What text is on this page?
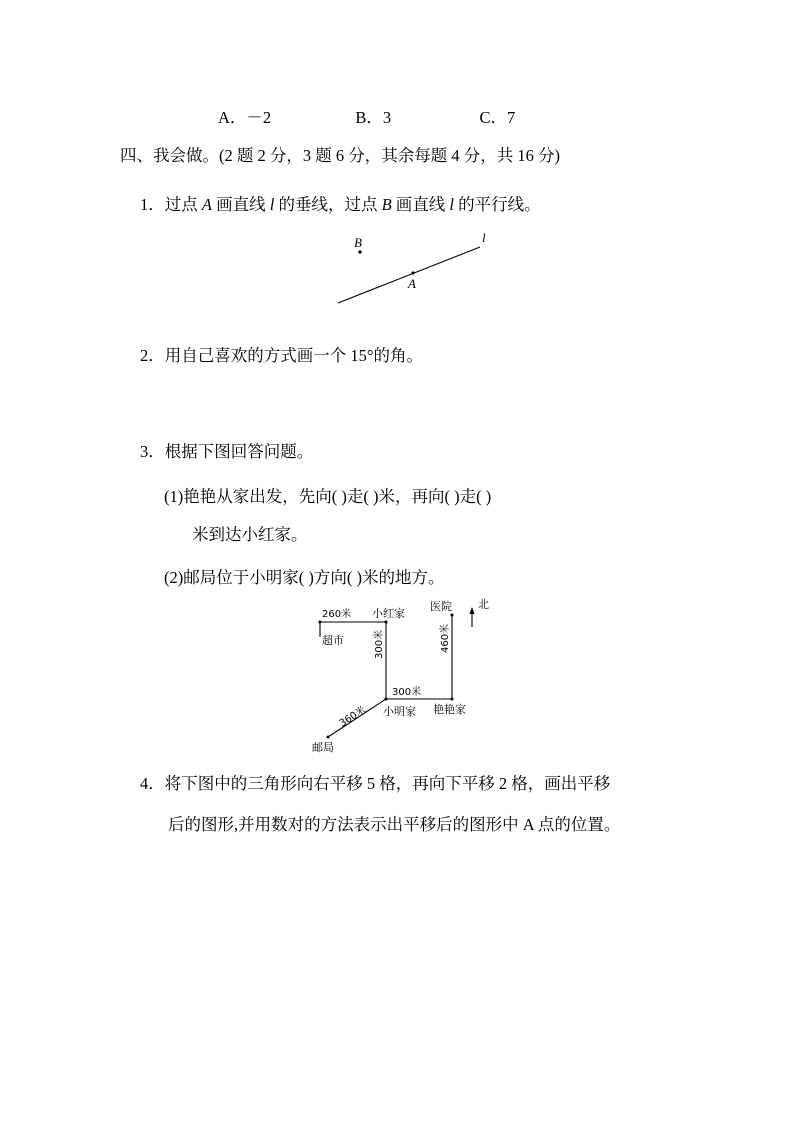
A．－2	B．3	C．7
四、我会做。(2 题 2 分，3 题 6 分，其余每题 4 分，共 16 分)
1．过点 A 画直线 l 的垂线，过点 B 画直线 l 的平行线。
A
B	l
2．用自己喜欢的方式画一个 15°的角。
3．根据下图回答问题。
(1)艳艳从家出发，先向( )走( )米，再向( )走( )
米到达小红家。
(2)邮局位于小明家( )方向( )米的地方。
北
超市
小红家
医院
小明家 艳艳家
邮局
260米
300米
300米	460米
360米
4．将下图中的三角形向右平移 5 格，再向下平移 2 格，画出平移
后的图形,并用数对的方法表示出平移后的图形中 A 点的位置。
